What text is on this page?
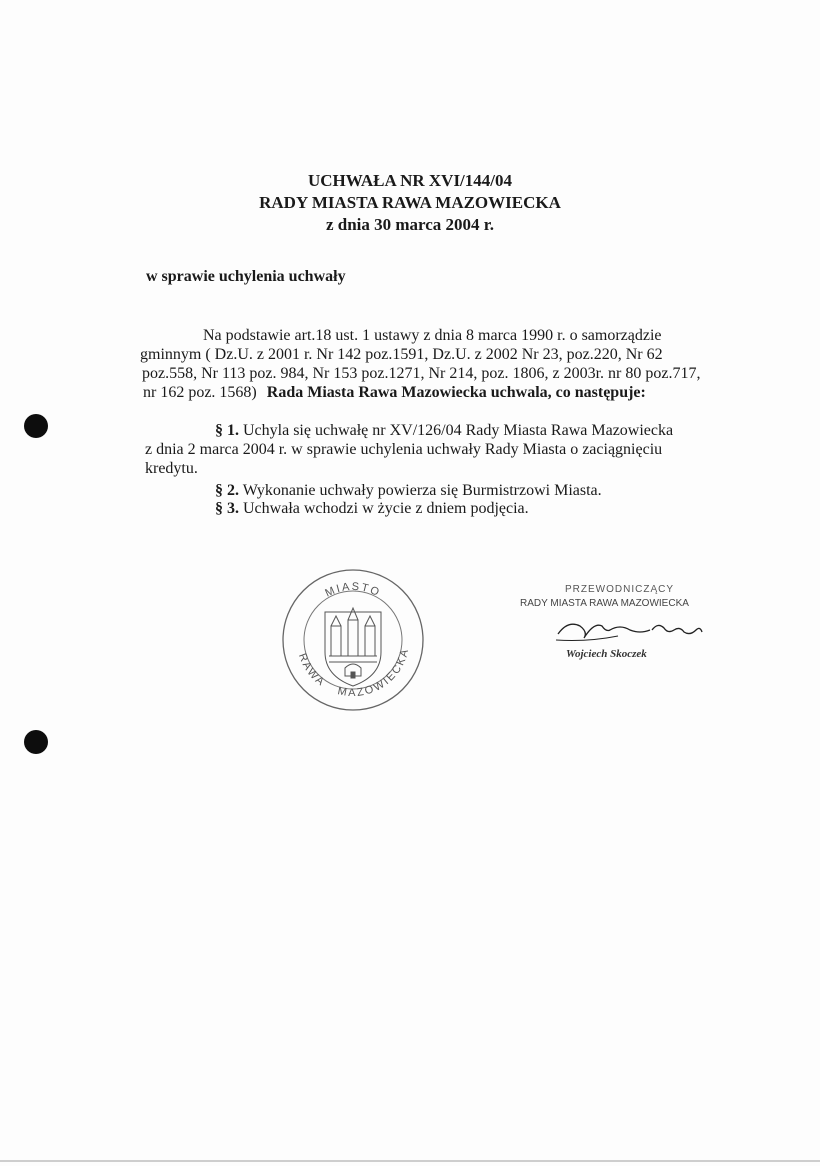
UCHWAŁA NR XVI/144/04
RADY MIASTA RAWA MAZOWIECKA
z dnia 30 marca 2004 r.
w sprawie uchylenia uchwały
Na podstawie art.18 ust. 1 ustawy z dnia 8 marca 1990 r. o samorządzie
gminnym ( Dz.U. z 2001 r. Nr 142 poz.1591, Dz.U. z 2002 Nr 23, poz.220, Nr 62
poz.558, Nr 113 poz. 984, Nr 153 poz.1271, Nr 214, poz. 1806, z 2003r. nr 80 poz.717,
nr 162 poz. 1568) Rada Miasta Rawa Mazowiecka uchwala, co następuje:
§ 1. Uchyla się uchwałę nr XV/126/04 Rady Miasta Rawa Mazowiecka
z dnia 2 marca 2004 r. w sprawie uchylenia uchwały Rady Miasta o zaciągnięciu
kredytu.
§ 2. Wykonanie uchwały powierza się Burmistrzowi Miasta.
§ 3. Uchwała wchodzi w życie z dniem podjęcia.
MIASTO
RAWA
MAZOWIECKA
PRZEWODNICZĄCY
RADY MIASTA RAWA MAZOWIECKA
Wojciech Skoczek
